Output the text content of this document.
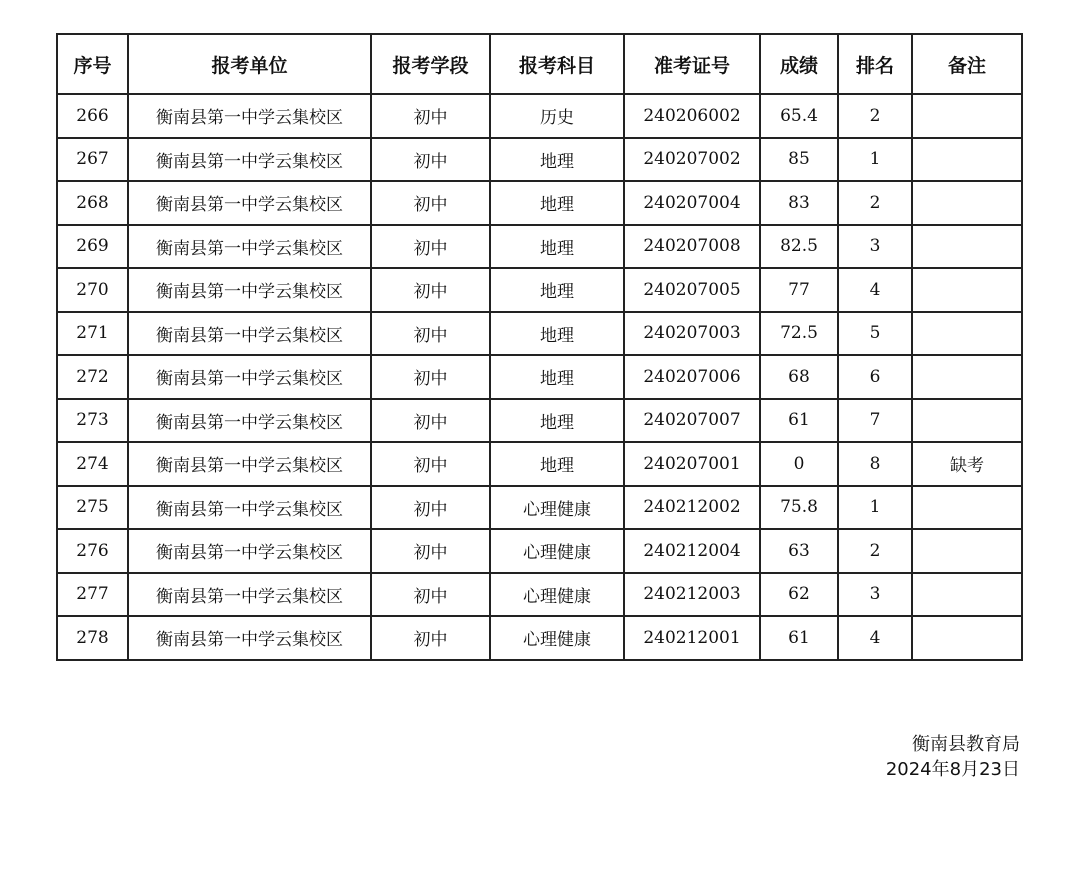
序号	报考单位	报考学段	报考科目	准考证号	成绩	排名	备注
266	衡南县第一中学云集校区	初中	历史	240206002	65.4	2	
267	衡南县第一中学云集校区	初中	地理	240207002	85	1	
268	衡南县第一中学云集校区	初中	地理	240207004	83	2	
269	衡南县第一中学云集校区	初中	地理	240207008	82.5	3	
270	衡南县第一中学云集校区	初中	地理	240207005	77	4	
271	衡南县第一中学云集校区	初中	地理	240207003	72.5	5	
272	衡南县第一中学云集校区	初中	地理	240207006	68	6	
273	衡南县第一中学云集校区	初中	地理	240207007	61	7	
274	衡南县第一中学云集校区	初中	地理	240207001	0	8	缺考
275	衡南县第一中学云集校区	初中	心理健康	240212002	75.8	1	
276	衡南县第一中学云集校区	初中	心理健康	240212004	63	2	
277	衡南县第一中学云集校区	初中	心理健康	240212003	62	3	
278	衡南县第一中学云集校区	初中	心理健康	240212001	61	4	
衡南县教育局
2024年8月23日
